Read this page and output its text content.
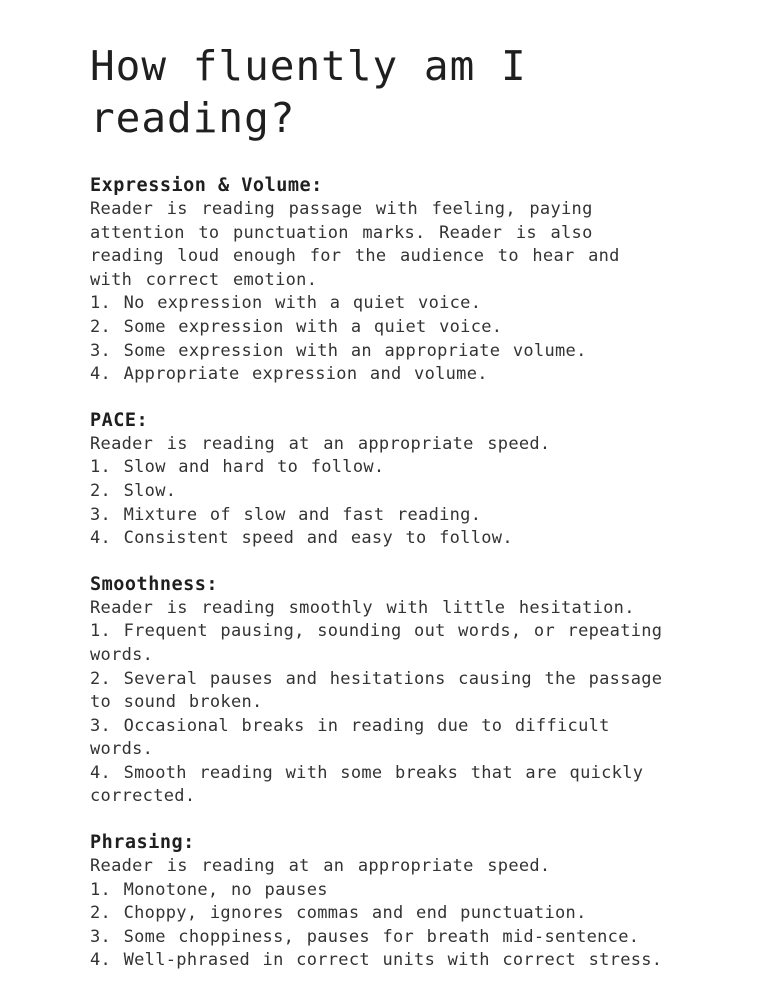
How fluently am I reading?
Expression & Volume:
Reader is reading passage with feeling, paying attention to punctuation marks. Reader is also reading loud enough for the audience to hear and with correct emotion.
1. No expression with a quiet voice.
2. Some expression with a quiet voice.
3. Some expression with an appropriate volume.
4. Appropriate expression and volume.
PACE:
Reader is reading at an appropriate speed.
1. Slow and hard to follow.
2. Slow.
3. Mixture of slow and fast reading.
4. Consistent speed and easy to follow.
Smoothness:
Reader is reading smoothly with little hesitation.
1. Frequent pausing, sounding out words, or repeating words.
2. Several pauses and hesitations causing the passage to sound broken.
3. Occasional breaks in reading due to difficult words.
4. Smooth reading with some breaks that are quickly corrected.
Phrasing:
Reader is reading at an appropriate speed.
1. Monotone, no pauses
2. Choppy, ignores commas and end punctuation.
3. Some choppiness, pauses for breath mid-sentence.
4. Well-phrased in correct units with correct stress.
